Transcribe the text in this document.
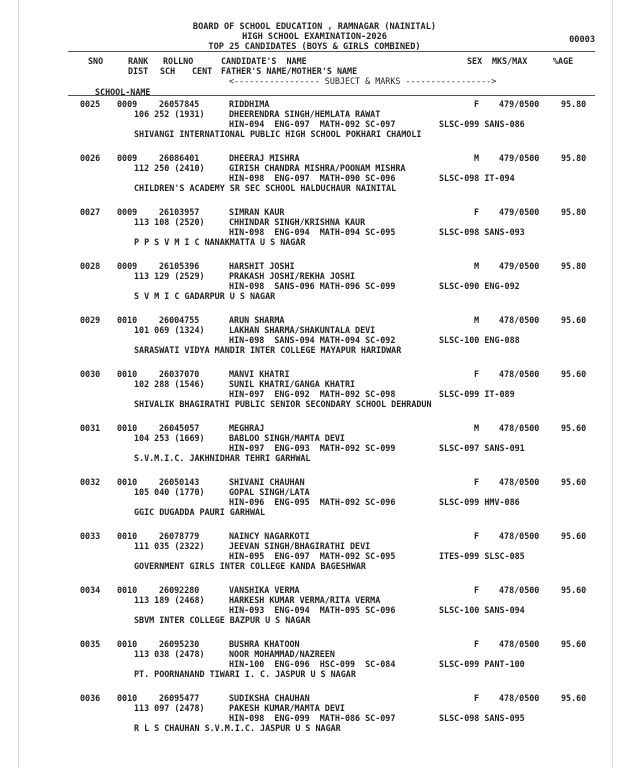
BOARD OF SCHOOL EDUCATION , RAMNAGAR (NAINITAL)
HIGH SCHOOL EXAMINATION-2026
TOP 25 CANDIDATES (BOYS & GIRLS COMBINED)
00003
SNO	RANK ROLLNO	CANDIDATE'S  NAME	SEX MKS/MAX	%AGE
DIST SCH CENT FATHER'S NAME/MOTHER'S NAME
<----------------- SUBJECT & MARKS ----------------->
SCHOOL-NAME
0025 0009	26057845	RIDDHIMA	F 479/0500	95.80
106 252 (1931)	DHEERENDRA SINGH/HEMLATA RAWAT
HIN-094  ENG-097  MATH-092 SC-097	SLSC-099 SANS-086
SHIVANGI INTERNATIONAL PUBLIC HIGH SCHOOL POKHARI CHAMOLI
0026 0009	26086401	DHEERAJ MISHRA	M 479/0500	95.80
112 250 (2410)	GIRISH CHANDRA MISHRA/POONAM MISHRA
HIN-098  ENG-097  MATH-090 SC-096	SLSC-098 IT-094
CHILDREN'S ACADEMY SR SEC SCHOOL HALDUCHAUR NAINITAL
0027 0009	26103957	SIMRAN KAUR	F 479/0500	95.80
113 108 (2520)	CHHINDAR SINGH/KRISHNA KAUR
HIN-098  ENG-094  MATH-094 SC-095	SLSC-098 SANS-093
P P S V M I C NANAKMATTA U S NAGAR
0028 0009	26105396	HARSHIT JOSHI	M 479/0500	95.80
113 129 (2529)	PRAKASH JOSHI/REKHA JOSHI
HIN-098  SANS-096 MATH-096 SC-099	SLSC-090 ENG-092
S V M I C GADARPUR U S NAGAR
0029 0010	26004755	ARUN SHARMA	M 478/0500	95.60
101 069 (1324)	LAKHAN SHARMA/SHAKUNTALA DEVI
HIN-098  SANS-094 MATH-094 SC-092	SLSC-100 ENG-088
SARASWATI VIDYA MANDIR INTER COLLEGE MAYAPUR HARIDWAR
0030 0010	26037070	MANVI KHATRI	F 478/0500	95.60
102 288 (1546)	SUNIL KHATRI/GANGA KHATRI
HIN-097  ENG-092  MATH-092 SC-098	SLSC-099 IT-089
SHIVALIK BHAGIRATHI PUBLIC SENIOR SECONDARY SCHOOL DEHRADUN
0031 0010	26045057	MEGHRAJ	M 478/0500	95.60
104 253 (1669)	BABLOO SINGH/MAMTA DEVI
HIN-097  ENG-093  MATH-092 SC-099	SLSC-097 SANS-091
S.V.M.I.C. JAKHNIDHAR TEHRI GARHWAL
0032 0010	26050143	SHIVANI CHAUHAN	F 478/0500	95.60
105 040 (1770)	GOPAL SINGH/LATA
HIN-096  ENG-095  MATH-092 SC-096	SLSC-099 HMV-086
GGIC DUGADDA PAURI GARHWAL
0033 0010	26078779	NAINCY NAGARKOTI	F 478/0500	95.60
111 035 (2322)	JEEVAN SINGH/BHAGIRATHI DEVI
HIN-095  ENG-097  MATH-092 SC-095	ITES-099 SLSC-085
GOVERNMENT GIRLS INTER COLLEGE KANDA BAGESHWAR
0034 0010	26092280	VANSHIKA VERMA	F 478/0500	95.60
113 189 (2468)	HARKESH KUMAR VERMA/RITA VERMA
HIN-093  ENG-094  MATH-095 SC-096	SLSC-100 SANS-094
SBVM INTER COLLEGE BAZPUR U S NAGAR
0035 0010	26095230	BUSHRA KHATOON	F 478/0500	95.60
113 038 (2478)	NOOR MOHAMMAD/NAZREEN
HIN-100  ENG-096  HSC-099  SC-084	SLSC-099 PANT-100
PT. POORNANAND TIWARI I. C. JASPUR U S NAGAR
0036 0010	26095477	SUDIKSHA CHAUHAN	F 478/0500	95.60
113 097 (2478)	PAKESH KUMAR/MAMTA DEVI
HIN-098  ENG-099  MATH-086 SC-097	SLSC-098 SANS-095
R L S CHAUHAN S.V.M.I.C. JASPUR U S NAGAR
